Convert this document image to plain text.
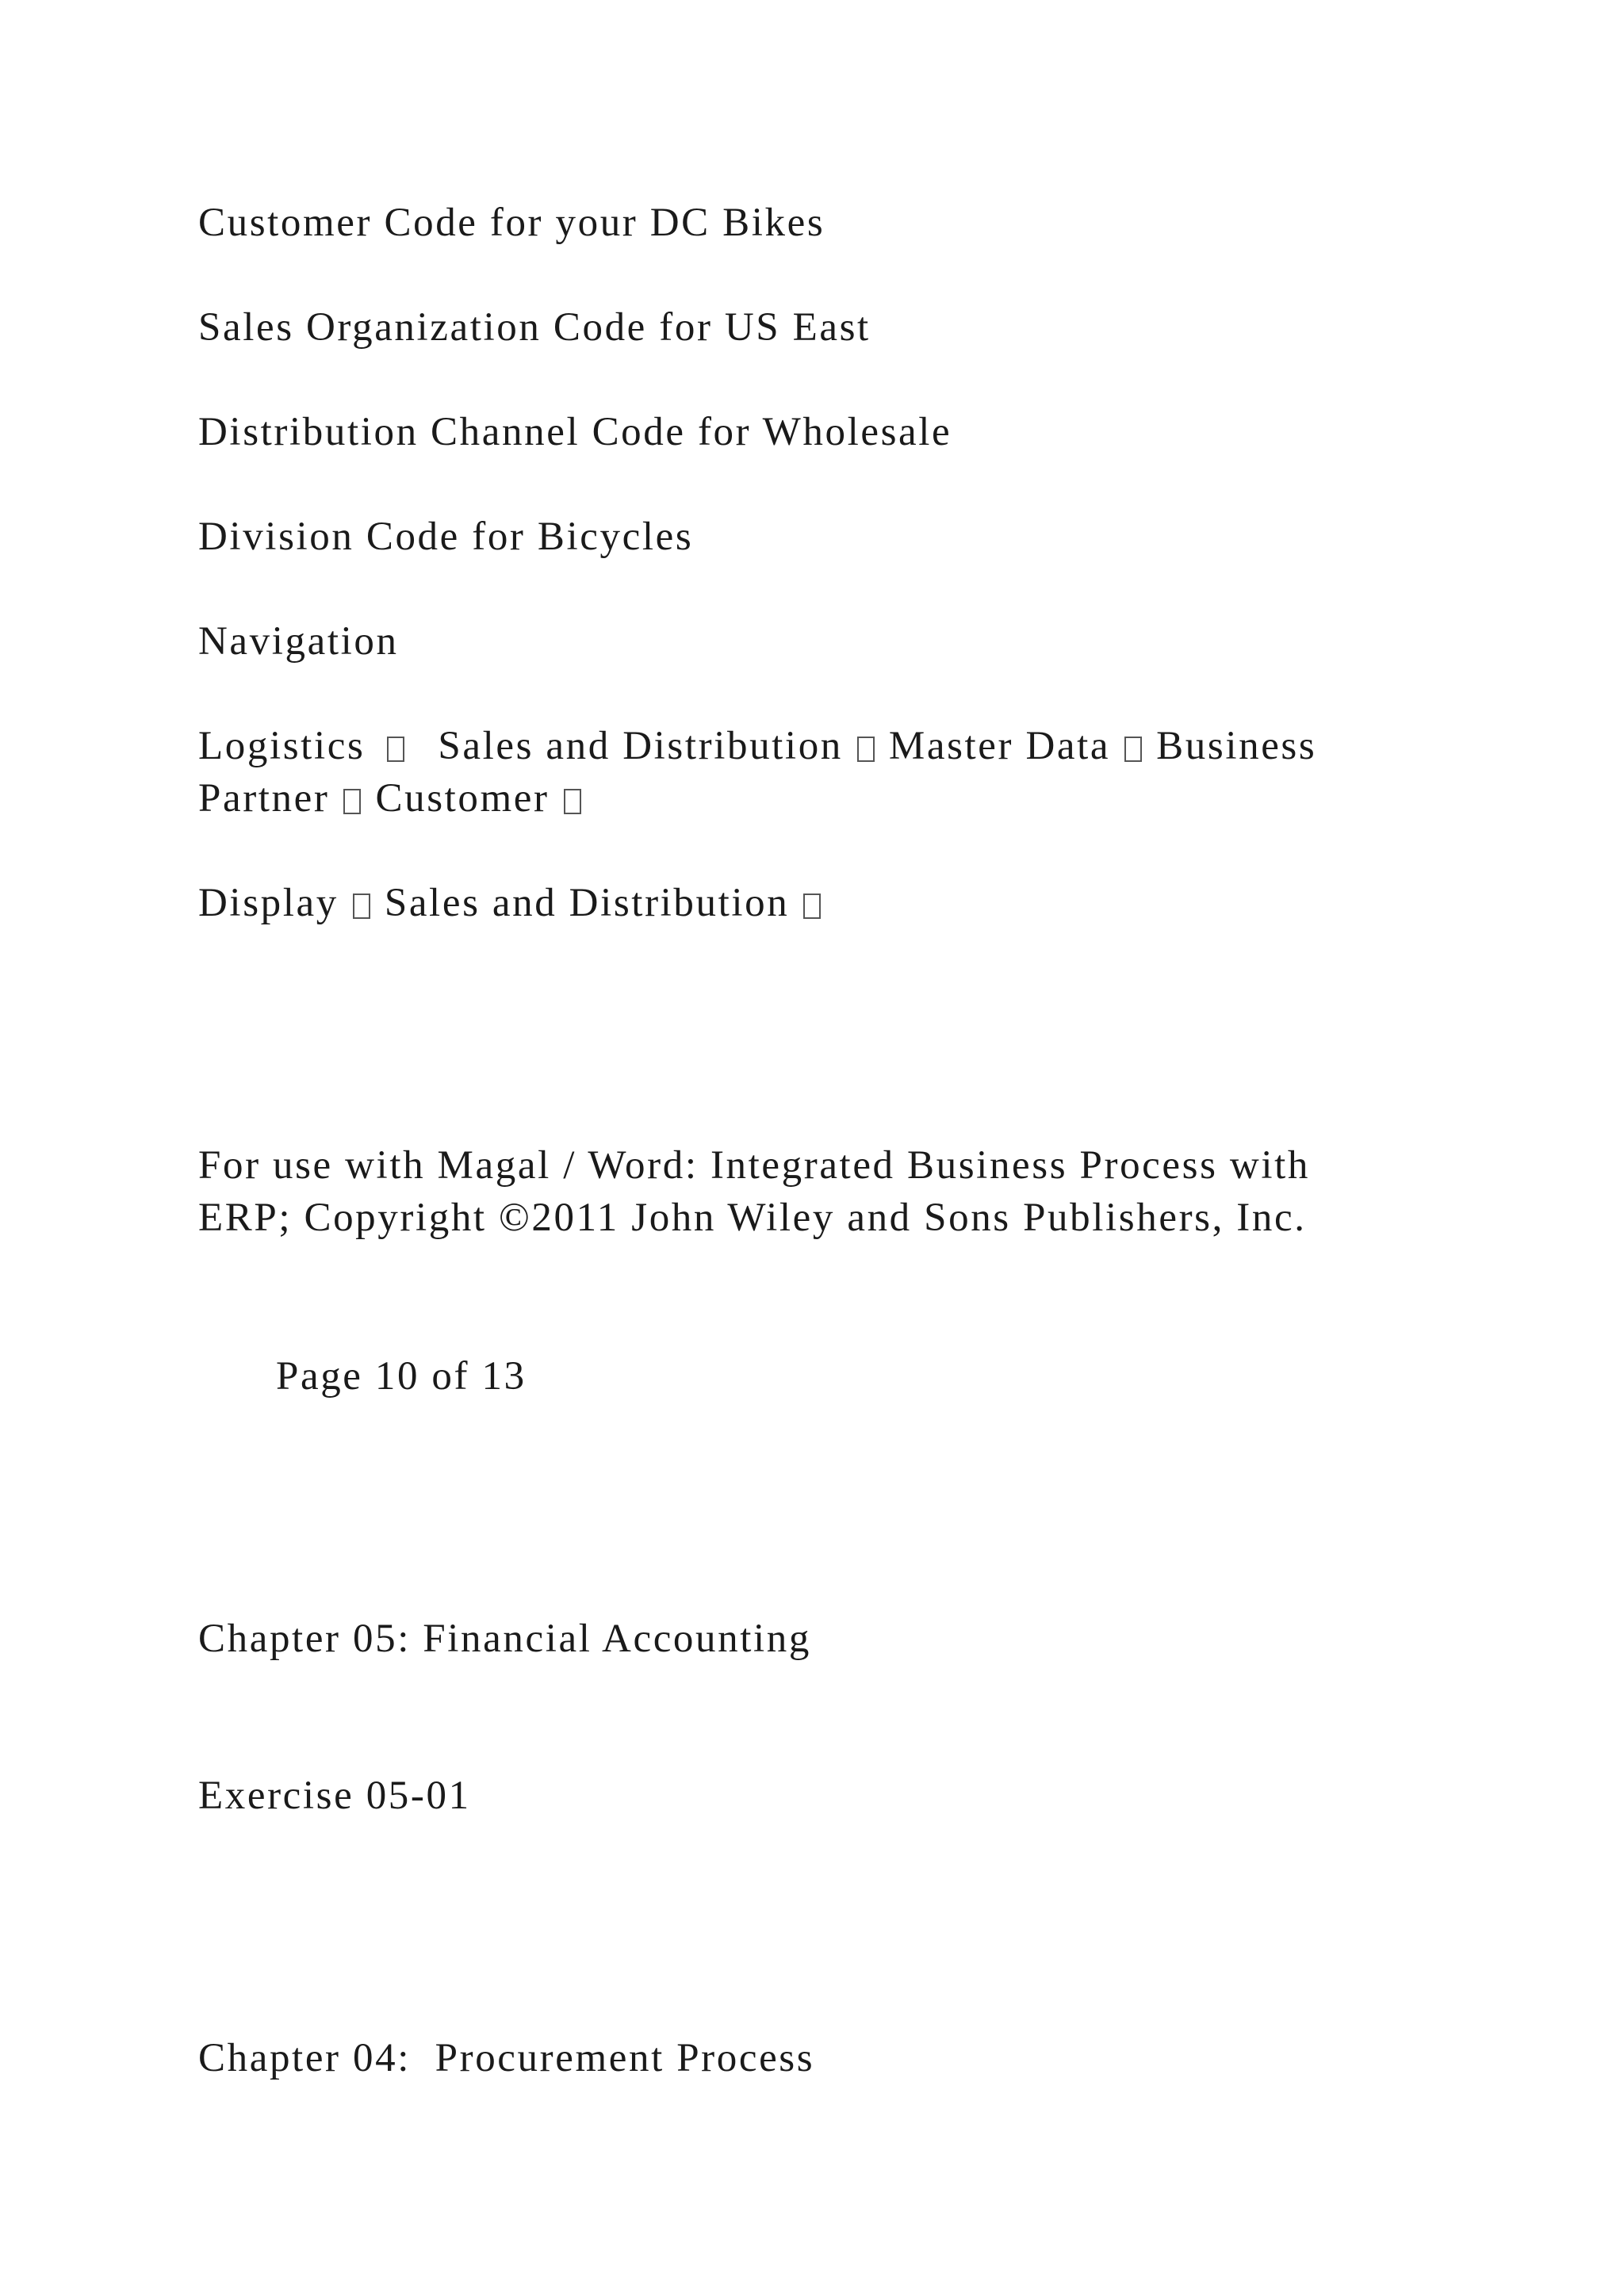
Customer Code for your DC Bikes
Sales Organization Code for US East
Distribution Channel Code for Wholesale
Division Code for Bicycles
Navigation
Logistics Sales and Distribution Master Data Business
Partner Customer
Display Sales and Distribution
For use with Magal / Word: Integrated Business Process with
ERP; Copyright ©2011 John Wiley and Sons Publishers, Inc.
Page 10 of 13
Chapter 05: Financial Accounting
Exercise 05-01
Chapter 04:  Procurement Process
